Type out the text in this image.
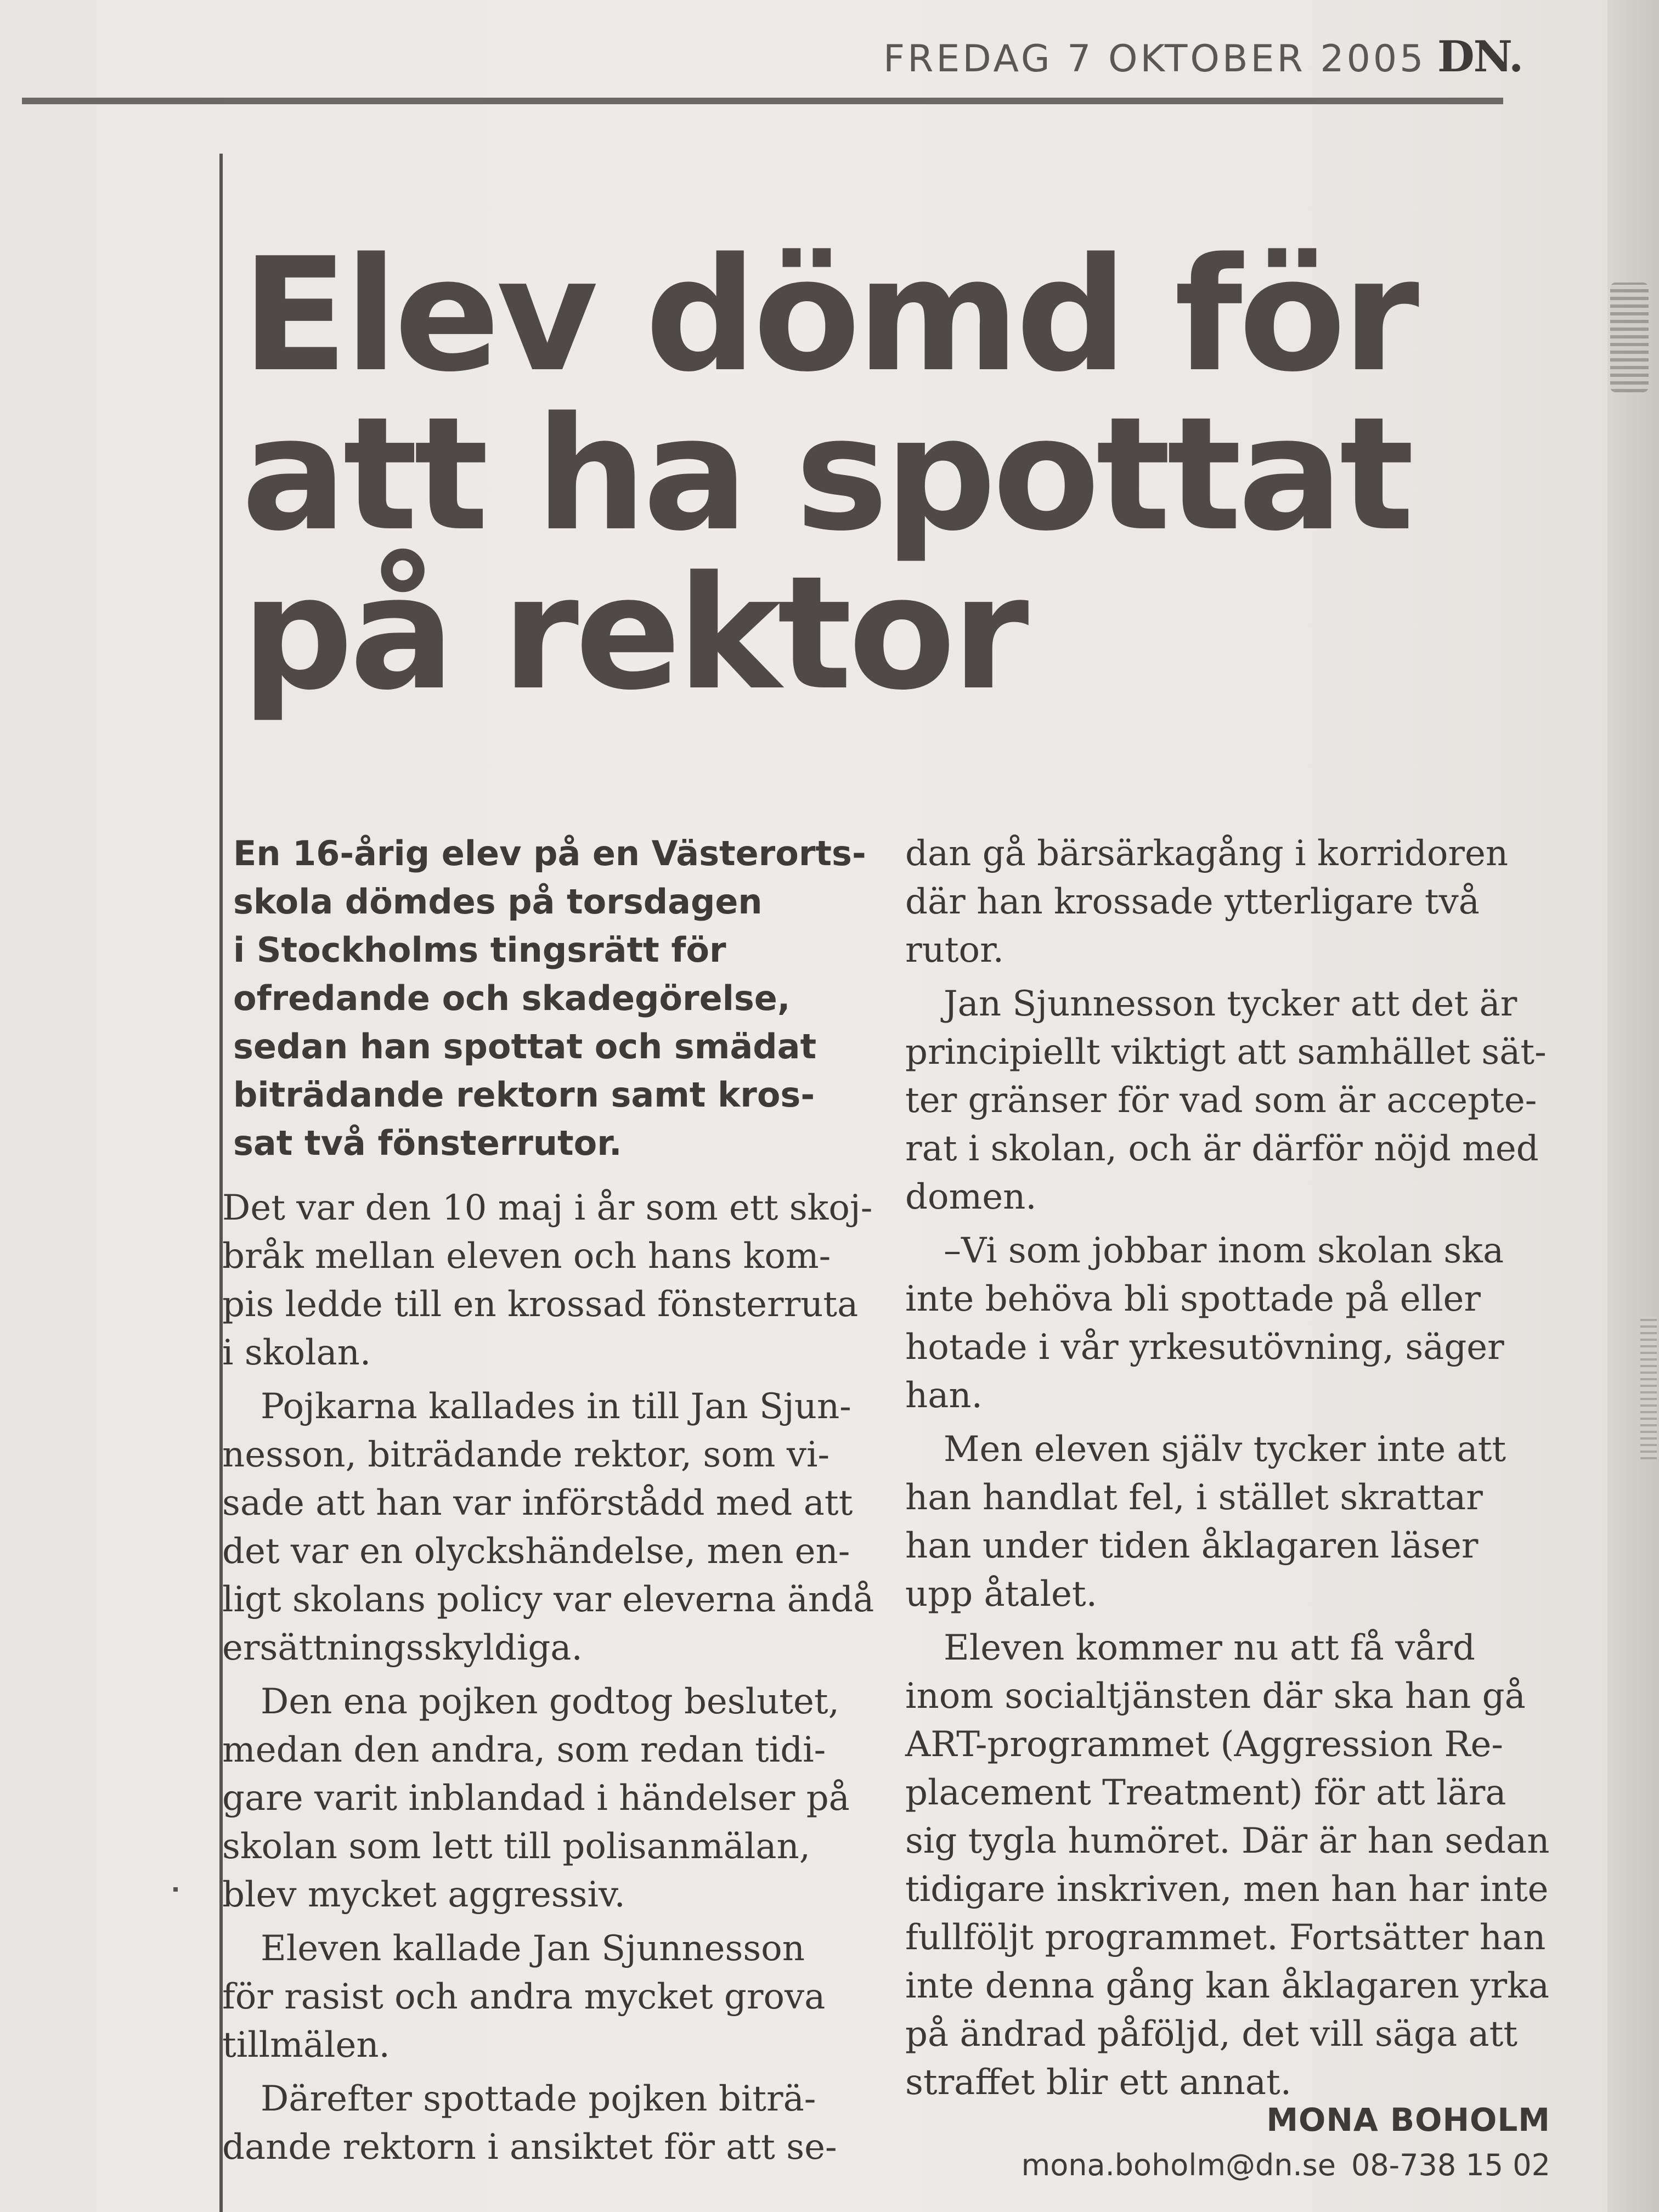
FREDAG 7 OKTOBER 2005 DN.
Elev dömd för
att ha spottat
på rektor

En 16-årig elev på en Västerorts-
skola dömdes på torsdagen
i Stockholms tingsrätt för
ofredande och skadegörelse,
sedan han spottat och smädat
biträdande rektorn samt kros-
sat två fönsterrutor.

Det var den 10 maj i år som ett skoj-
bråk mellan eleven och hans kom-
pis ledde till en krossad fönsterruta
i skolan.

Pojkarna kallades in till Jan Sjun-
nesson, biträdande rektor, som vi-
sade att han var införstådd med att
det var en olyckshändelse, men en-
ligt skolans policy var eleverna ändå
ersättningsskyldiga.

Den ena pojken godtog beslutet,
medan den andra, som redan tidi-
gare varit inblandad i händelser på
skolan som lett till polisanmälan,
blev mycket aggressiv.

Eleven kallade Jan Sjunnesson
för rasist och andra mycket grova
tillmälen.

Därefter spottade pojken biträ-
dande rektorn i ansiktet för att se-

dan gå bärsärkagång i korridoren
där han krossade ytterligare två
rutor.

Jan Sjunnesson tycker att det är
principiellt viktigt att samhället sät-
ter gränser för vad som är accepte-
rat i skolan, och är därför nöjd med
domen.

–Vi som jobbar inom skolan ska
inte behöva bli spottade på eller
hotade i vår yrkesutövning, säger
han.

Men eleven själv tycker inte att
han handlat fel, i stället skrattar
han under tiden åklagaren läser
upp åtalet.

Eleven kommer nu att få vård
inom socialtjänsten där ska han gå
ART-programmet (Aggression Re-
placement Treatment) för att lära
sig tygla humöret. Där är han sedan
tidigare inskriven, men han har inte
fullföljt programmet. Fortsätter han
inte denna gång kan åklagaren yrka
på ändrad påföljd, det vill säga att
straffet blir ett annat.

MONA BOHOLM
mona.boholm@dn.se 08-738 15 02
